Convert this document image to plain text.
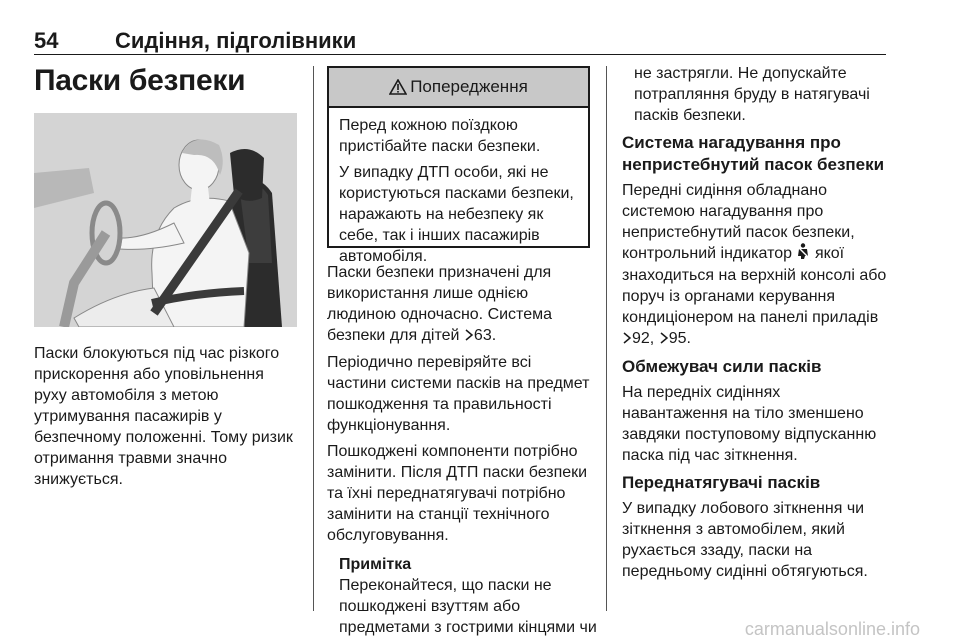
54	Сидіння, підголівники
Паски безпеки

Паски блокуються під час різкого

прискорення або уповільнення

руху автомобіля з метою

утримування пасажирів у

безпечному положенні. Тому ризик

отримання травми значно

знижується.

Попередження

Перед кожною поїздкою

пристібайте паски безпеки.

У випадку ДТП особи, які не

користуються пасками безпеки,

наражають на небезпеку як

себе, так і інших пасажирів

автомобіля.

Паски безпеки призначені для

використання лише однією

людиною одночасно. Система

безпеки для дітей 63.

Періодично перевіряйте всі

частини системи пасків на предмет

пошкодження та правильності

функціонування.

Пошкоджені компоненти потрібно

замінити. Після ДТП паски безпеки

та їхні переднатягувачі потрібно

замінити на станції технічного

обслуговування.

Примітка

Переконайтеся, що паски не

пошкоджені взуттям або

предметами з гострими кінцями чи

не застрягли. Не допускайте

потрапляння бруду в натягувачі

пасків безпеки.

Система нагадування про
непристебнутий пасок безпеки

Передні сидіння обладнано

системою нагадування про

непристебнутий пасок безпеки,

контрольний індикатор якої

знаходиться на верхній консолі або

поруч із органами керування

кондиціонером на панелі приладів

92, 95.

Обмежувач сили пасків

На передніх сидіннях

навантаження на тіло зменшено

завдяки поступовому відпусканню

паска під час зіткнення.

Переднатягувачі пасків

У випадку лобового зіткнення чи

зіткнення з автомобілем, який

рухається ззаду, паски на

передньому сидінні обтягуються.

carmanualsonline.info
